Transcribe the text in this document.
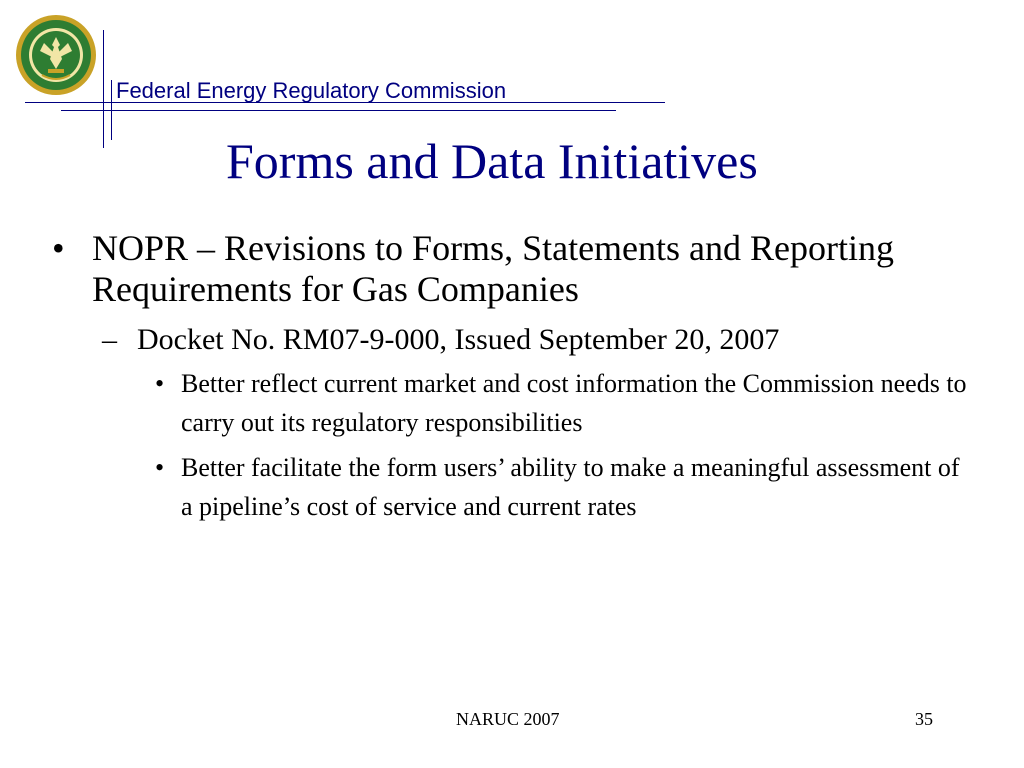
Federal Energy Regulatory Commission
Forms and Data Initiatives
• NOPR – Revisions to Forms, Statements and Reporting Requirements for Gas Companies
– Docket No. RM07-9-000, Issued September 20, 2007
• Better reflect current market and cost information the Commission needs to carry out its regulatory responsibilities
• Better facilitate the form users’ ability to make a meaningful assessment of a pipeline’s cost of service and current rates
NARUC 2007	35
